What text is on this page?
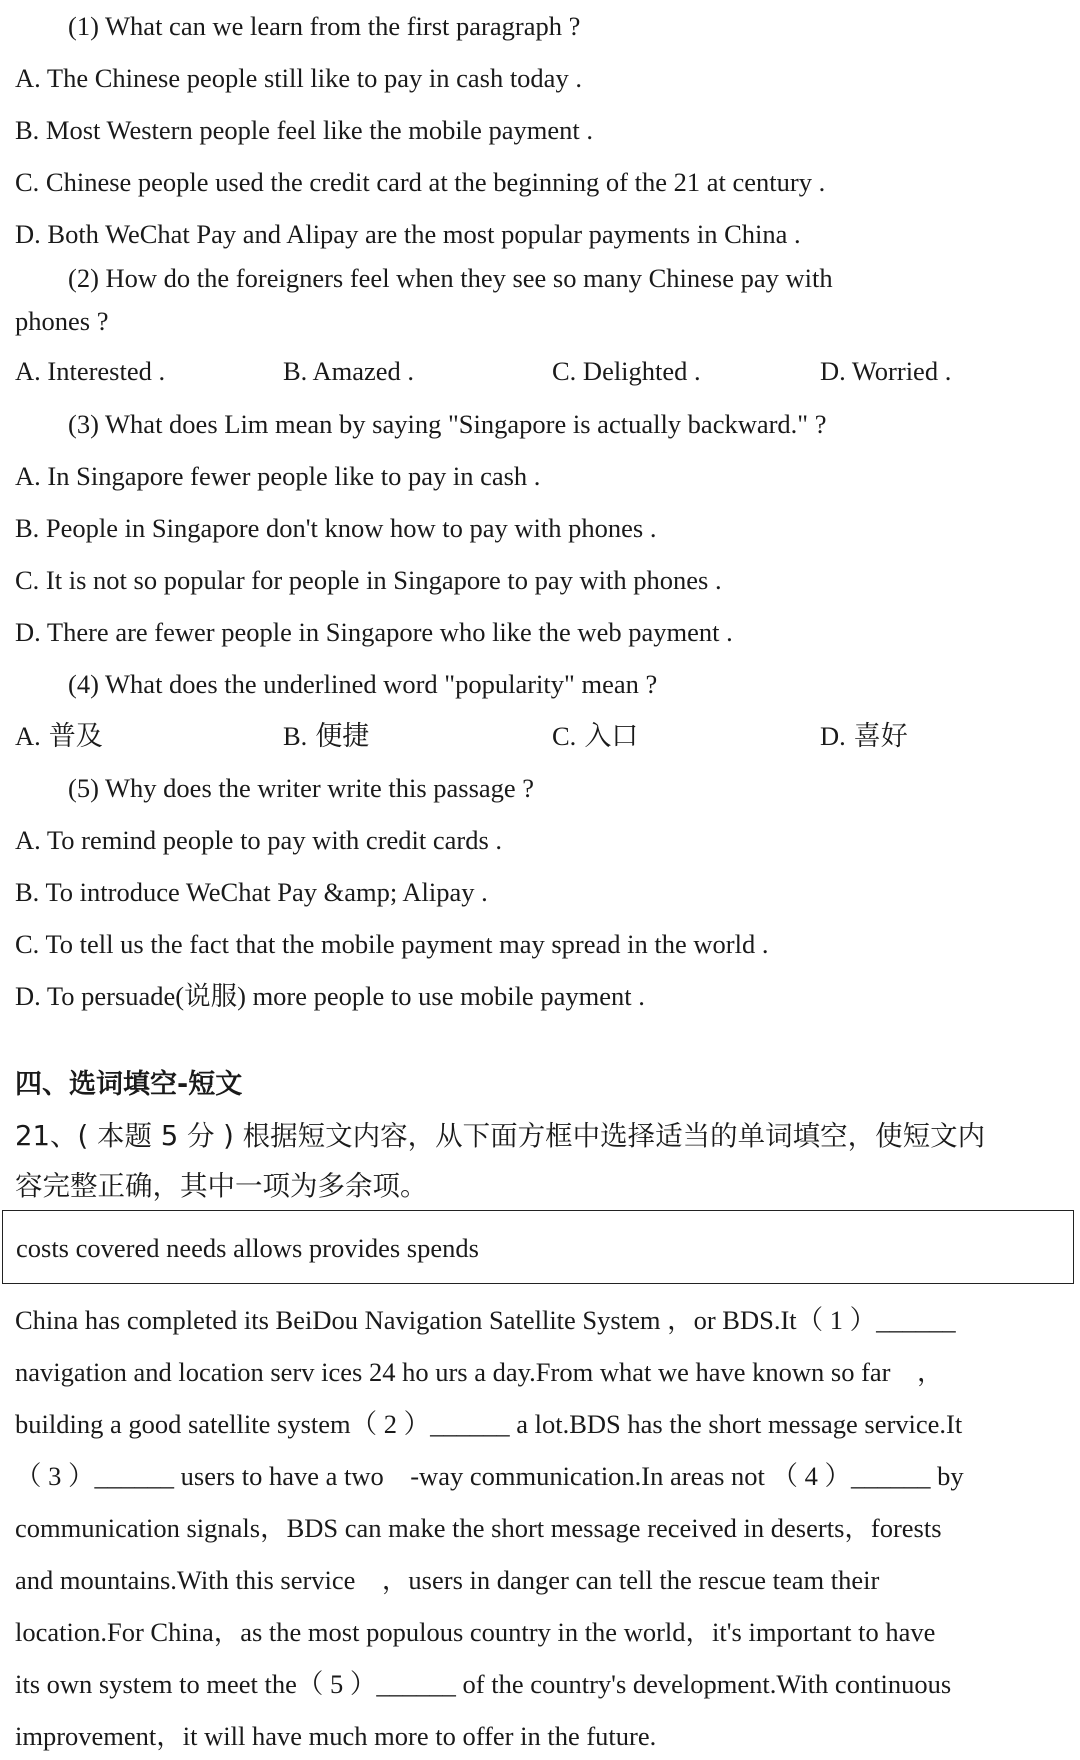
(1) What can we learn from the first paragraph ?
A. The Chinese people still like to pay in cash today .
B. Most Western people feel like the mobile payment .
C. Chinese people used the credit card at the beginning of the 21 at century .
D. Both WeChat Pay and Alipay are the most popular payments in China .
(2) How do the foreigners feel when they see so many Chinese pay with
phones ?
A. Interested .	B. Amazed .	C. Delighted .	D. Worried .
(3) What does Lim mean by saying "Singapore is actually backward." ?
A. In Singapore fewer people like to pay in cash .
B. People in Singapore don't know how to pay with phones .
C. It is not so popular for people in Singapore to pay with phones .
D. There are fewer people in Singapore who like the web payment .
(4) What does the underlined word "popularity" mean ?
A. 普及	B. 便捷	C. 入口	D. 喜好
(5) Why does the writer write this passage ?
A. To remind people to pay with credit cards .
B. To introduce WeChat Pay &amp; Alipay .
C. To tell us the fact that the mobile payment may spread in the world .
D. To persuade(说服) more people to use mobile payment .
四、选词填空-短文
21、( 本题 5 分 ) 根据短文内容，从下面方框中选择适当的单词填空，使短文内
容完整正确，其中一项为多余项。
costs covered needs allows provides spends
China has completed its BeiDou Navigation Satellite System ，or BDS.It（ 1 ）______
navigation and location serv ices 24 ho urs a day.From what we have known so far　，
building a good satellite system（ 2 ）______ a lot.BDS has the short message service.It
（ 3 ）______ users to have a two　-way communication.In areas not （ 4 ）______ by
communication signals，BDS can make the short message received in deserts，forests
and mountains.With this service　，users in danger can tell the rescue team their
location.For China，as the most populous country in the world，it's important to have
its own system to meet the（ 5 ）______ of the country's development.With continuous
improvement，it will have much more to offer in the future.
